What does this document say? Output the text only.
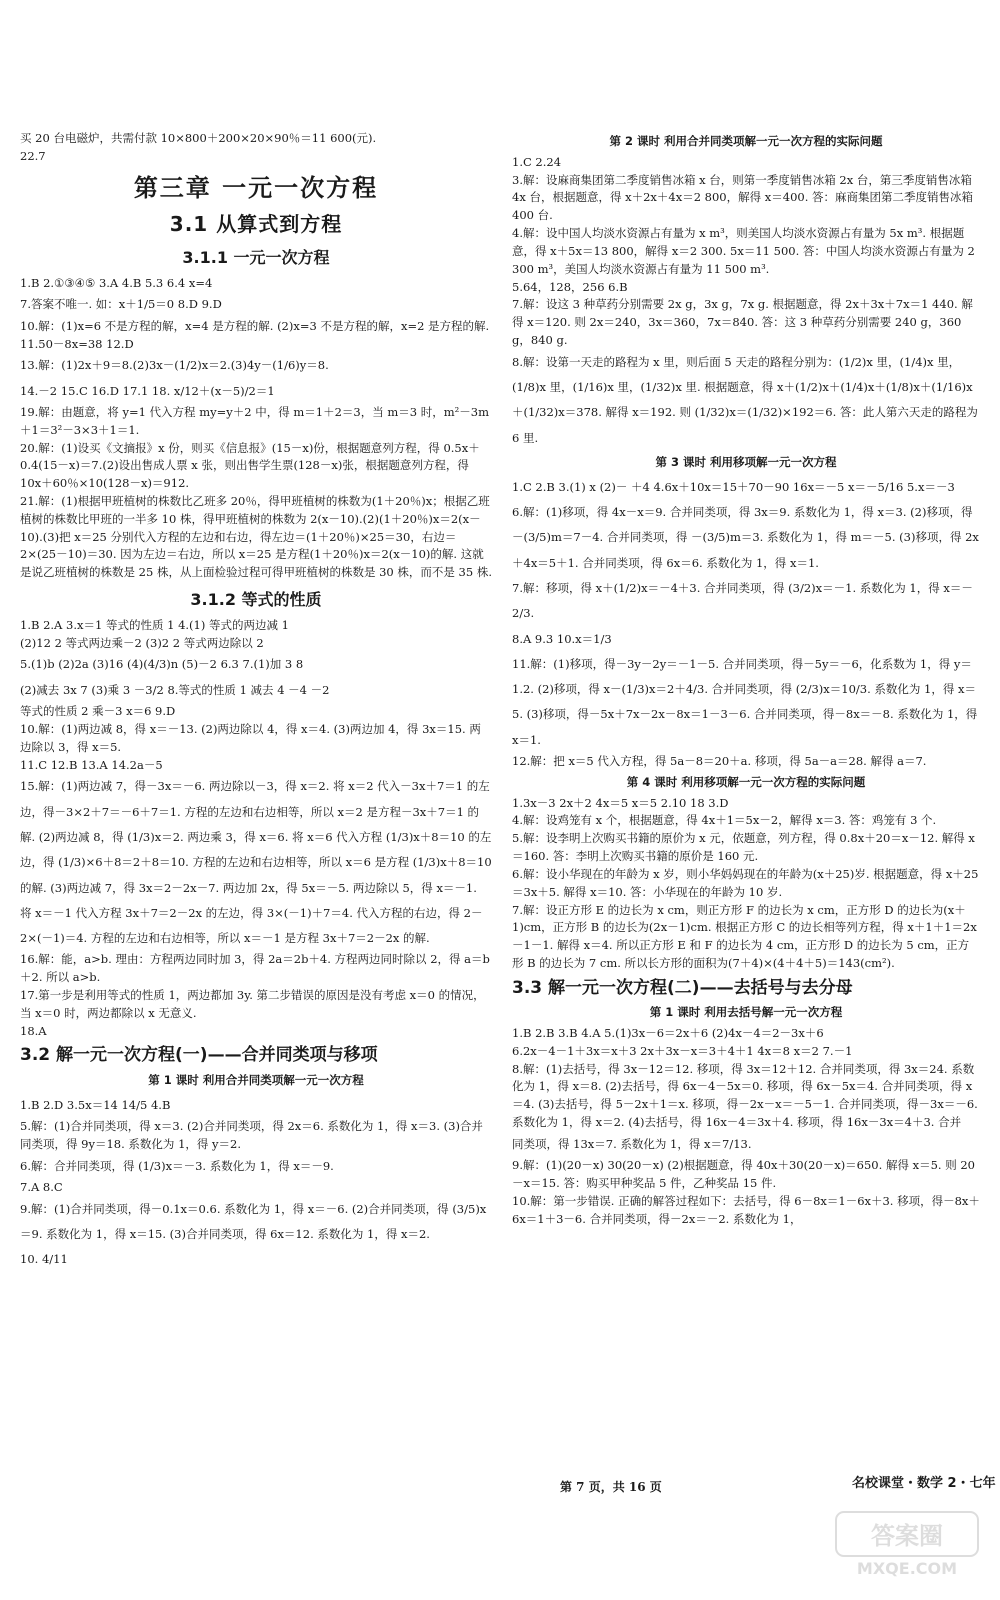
买 20 台电磁炉，共需付款 10×800＋200×20×90％＝11 600(元).

22.7

第三章 一元一次方程
3.1 从算式到方程
3.1.1 一元一次方程

1.B 2.①③④⑤ 3.A 4.B 5.3 6.4 x=4

7.答案不唯一. 如：x＋1/5＝0 8.D 9.D

10.解：(1)x=6 不是方程的解，x=4 是方程的解. (2)x=3 不是方程的解，x=2 是方程的解.

11.50－8x=38 12.D

13.解：(1)2x＋9＝8.(2)3x－(1/2)x＝2.(3)4y－(1/6)y＝8.

14.－2 15.C 16.D 17.1 18. x/12＋(x－5)/2＝1

19.解：由题意，将 y=1 代入方程 my=y＋2 中，得 m＝1＋2＝3，当 m＝3 时，m²－3m＋1＝3²－3×3＋1＝1.

20.解：(1)设买《文摘报》x 份，则买《信息报》(15－x)份，根据题意列方程，得 0.5x＋0.4(15－x)＝7.(2)设出售成人票 x 张，则出售学生票(128－x)张，根据题意列方程，得 10x＋60％×10(128－x)＝912.

21.解：(1)根据甲班植树的株数比乙班多 20％，得甲班植树的株数为(1＋20％)x；根据乙班植树的株数比甲班的一半多 10 株，得甲班植树的株数为 2(x－10).(2)(1＋20％)x＝2(x－10).(3)把 x＝25 分别代入方程的左边和右边，得左边＝(1＋20％)×25＝30，右边＝2×(25－10)＝30. 因为左边＝右边，所以 x＝25 是方程(1＋20％)x＝2(x－10)的解. 这就是说乙班植树的株数是 25 株，从上面检验过程可得甲班植树的株数是 30 株，而不是 35 株.

3.1.2 等式的性质

1.B 2.A 3.x＝1 等式的性质 1 4.(1) 等式的两边减 1

(2)12 2 等式两边乘－2 (3)2 2 等式两边除以 2

5.(1)b (2)2a (3)16 (4)(4/3)n (5)－2 6.3 7.(1)加 3 8

(2)减去 3x 7 (3)乘 3 －3/2 8.等式的性质 1 减去 4 －4 －2

等式的性质 2 乘－3 x＝6 9.D

10.解：(1)两边减 8，得 x＝－13. (2)两边除以 4，得 x＝4. (3)两边加 4，得 3x＝15. 两边除以 3，得 x＝5.

11.C 12.B 13.A 14.2a－5

15.解：(1)两边减 7，得－3x＝－6. 两边除以－3，得 x＝2. 将 x＝2 代入－3x＋7＝1 的左边，得－3×2＋7＝－6＋7＝1. 方程的左边和右边相等，所以 x＝2 是方程－3x＋7＝1 的解. (2)两边减 8，得 (1/3)x＝2. 两边乘 3，得 x＝6. 将 x＝6 代入方程 (1/3)x＋8＝10 的左边，得 (1/3)×6＋8＝2＋8＝10. 方程的左边和右边相等，所以 x＝6 是方程 (1/3)x＋8＝10 的解. (3)两边减 7，得 3x＝2－2x－7. 两边加 2x，得 5x＝－5. 两边除以 5，得 x＝－1. 将 x＝－1 代入方程 3x＋7＝2－2x 的左边，得 3×(－1)＋7＝4. 代入方程的右边，得 2－2×(－1)＝4. 方程的左边和右边相等，所以 x＝－1 是方程 3x＋7＝2－2x 的解.

16.解：能，a>b. 理由：方程两边同时加 3，得 2a＝2b＋4. 方程两边同时除以 2，得 a＝b＋2. 所以 a>b.

17.第一步是利用等式的性质 1，两边都加 3y. 第二步错误的原因是没有考虑 x＝0 的情况，当 x＝0 时，两边都除以 x 无意义.

18.A

3.2 解一元一次方程(一)——合并同类项与移项
第 1 课时 利用合并同类项解一元一次方程

1.B 2.D 3.5x＝14 14/5 4.B

5.解：(1)合并同类项，得 x＝3. (2)合并同类项，得 2x＝6. 系数化为 1，得 x＝3. (3)合并同类项，得 9y＝18. 系数化为 1，得 y＝2.

6.解：合并同类项，得 (1/3)x＝－3. 系数化为 1，得 x＝－9.

7.A 8.C

9.解：(1)合并同类项，得－0.1x＝0.6. 系数化为 1，得 x＝－6. (2)合并同类项，得 (3/5)x＝9. 系数化为 1，得 x＝15. (3)合并同类项，得 6x＝12. 系数化为 1，得 x＝2.

10. 4/11

第 2 课时 利用合并同类项解一元一次方程的实际问题

1.C 2.24

3.解：设麻商集团第二季度销售冰箱 x 台，则第一季度销售冰箱 2x 台，第三季度销售冰箱 4x 台，根据题意，得 x＋2x＋4x＝2 800，解得 x＝400. 答：麻商集团第二季度销售冰箱 400 台.

4.解：设中国人均淡水资源占有量为 x m³，则美国人均淡水资源占有量为 5x m³. 根据题意，得 x＋5x＝13 800，解得 x＝2 300. 5x＝11 500. 答：中国人均淡水资源占有量为 2 300 m³，美国人均淡水资源占有量为 11 500 m³.

5.64，128，256 6.B

7.解：设这 3 种草药分别需要 2x g，3x g，7x g. 根据题意，得 2x＋3x＋7x＝1 440. 解得 x＝120. 则 2x＝240，3x＝360，7x＝840. 答：这 3 种草药分别需要 240 g，360 g，840 g.

8.解：设第一天走的路程为 x 里，则后面 5 天走的路程分别为：(1/2)x 里，(1/4)x 里，(1/8)x 里，(1/16)x 里，(1/32)x 里. 根据题意，得 x＋(1/2)x＋(1/4)x＋(1/8)x＋(1/16)x＋(1/32)x＝378. 解得 x＝192. 则 (1/32)x＝(1/32)×192＝6. 答：此人第六天走的路程为 6 里.

第 3 课时 利用移项解一元一次方程

1.C 2.B 3.(1) x (2)－ ＋4 4.6x＋10x＝15＋70－90 16x＝－5 x＝－5/16 5.x＝－3

6.解：(1)移项，得 4x－x＝9. 合并同类项，得 3x＝9. 系数化为 1，得 x＝3. (2)移项，得 －(3/5)m＝7－4. 合并同类项，得 －(3/5)m＝3. 系数化为 1，得 m＝－5. (3)移项，得 2x＋4x＝5＋1. 合并同类项，得 6x＝6. 系数化为 1，得 x＝1.

7.解：移项，得 x＋(1/2)x＝－4＋3. 合并同类项，得 (3/2)x＝－1. 系数化为 1，得 x＝－2/3.

8.A 9.3 10.x＝1/3

11.解：(1)移项，得－3y－2y＝－1－5. 合并同类项，得－5y＝－6，化系数为 1，得 y＝1.2. (2)移项，得 x－(1/3)x＝2＋4/3. 合并同类项，得 (2/3)x＝10/3. 系数化为 1，得 x＝5. (3)移项，得－5x＋7x－2x－8x＝1－3－6. 合并同类项，得－8x＝－8. 系数化为 1，得 x＝1.

12.解：把 x＝5 代入方程，得 5a－8＝20＋a. 移项，得 5a－a＝28. 解得 a＝7.

第 4 课时 利用移项解一元一次方程的实际问题

1.3x－3 2x＋2 4x＝5 x＝5 2.10 18 3.D

4.解：设鸡笼有 x 个，根据题意，得 4x＋1＝5x－2，解得 x＝3. 答：鸡笼有 3 个.

5.解：设李明上次购买书籍的原价为 x 元，依题意，列方程，得 0.8x＋20＝x－12. 解得 x＝160. 答：李明上次购买书籍的原价是 160 元.

6.解：设小华现在的年龄为 x 岁，则小华妈妈现在的年龄为(x＋25)岁. 根据题意，得 x＋25＝3x＋5. 解得 x＝10. 答：小华现在的年龄为 10 岁.

7.解：设正方形 E 的边长为 x cm，则正方形 F 的边长为 x cm，正方形 D 的边长为(x＋1)cm，正方形 B 的边长为(2x－1)cm. 根据正方形 C 的边长相等列方程，得 x＋1＋1＝2x－1－1. 解得 x＝4. 所以正方形 E 和 F 的边长为 4 cm，正方形 D 的边长为 5 cm，正方形 B 的边长为 7 cm. 所以长方形的面积为(7＋4)×(4＋4＋5)＝143(cm²).

3.3 解一元一次方程(二)——去括号与去分母
第 1 课时 利用去括号解一元一次方程

1.B 2.B 3.B 4.A 5.(1)3x－6＝2x＋6 (2)4x－4＝2－3x＋6

6.2x－4－1＋3x＝x＋3 2x＋3x－x＝3＋4＋1 4x＝8 x＝2 7.－1

8.解：(1)去括号，得 3x－12＝12. 移项，得 3x＝12＋12. 合并同类项，得 3x＝24. 系数化为 1，得 x＝8. (2)去括号，得 6x－4－5x＝0. 移项，得 6x－5x＝4. 合并同类项，得 x＝4. (3)去括号，得 5－2x＋1＝x. 移项，得－2x－x＝－5－1. 合并同类项，得－3x＝－6. 系数化为 1，得 x＝2. (4)去括号，得 16x－4＝3x＋4. 移项，得 16x－3x＝4＋3. 合并

同类项，得 13x＝7. 系数化为 1，得 x＝7/13.

9.解：(1)(20－x) 30(20－x) (2)根据题意，得 40x＋30(20－x)＝650. 解得 x＝5. 则 20－x＝15. 答：购买甲种奖品 5 件，乙种奖品 15 件.

10.解：第一步错误. 正确的解答过程如下：去括号，得 6－8x＝1－6x＋3. 移项，得－8x＋6x＝1＋3－6. 合并同类项，得－2x＝－2. 系数化为 1，

第 7 页，共 16 页	名校课堂・数学 2・七年
答案圈
MXQE.COM
